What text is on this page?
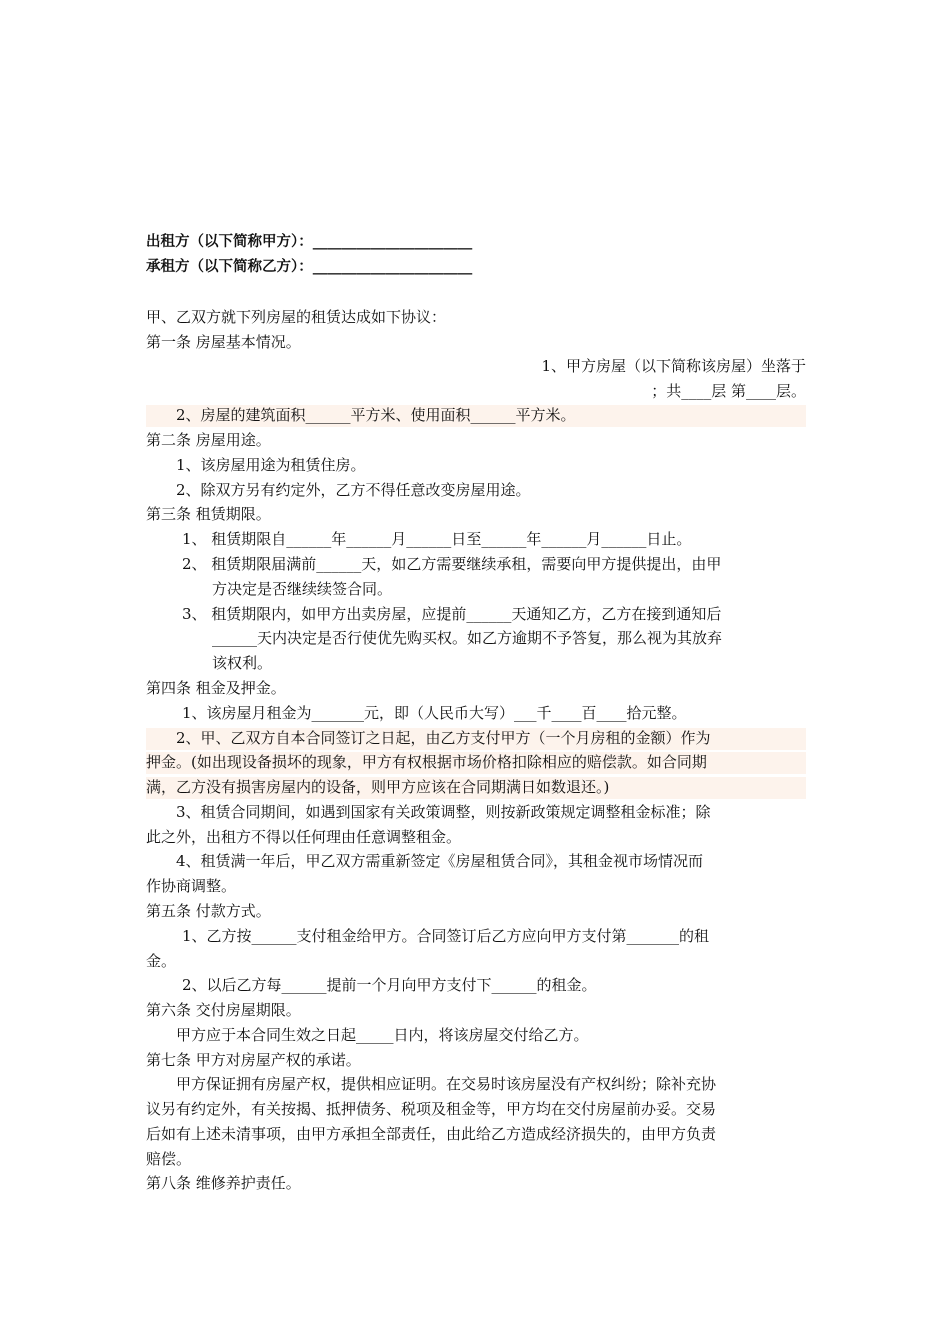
出租方（以下简称甲方）：______________________
承租方（以下简称乙方）：______________________
甲、乙双方就下列房屋的租赁达成如下协议：
第一条 房屋基本情况。
1、甲方房屋（以下简称该房屋）坐落于
；共____层 第____层。
2、房屋的建筑面积______平方米、使用面积______平方米。
第二条 房屋用途。
1、该房屋用途为租赁住房。
2、除双方另有约定外，乙方不得任意改变房屋用途。
第三条 租赁期限。
1、 租赁期限自______年______月______日至______年______月______日止。
2、 租赁期限届满前______天，如乙方需要继续承租，需要向甲方提供提出，由甲
方决定是否继续续签合同。
3、 租赁期限内，如甲方出卖房屋，应提前______天通知乙方，乙方在接到通知后
______天内决定是否行使优先购买权。如乙方逾期不予答复，那么视为其放弃
该权利。
第四条 租金及押金。
1、该房屋月租金为_______元，即（人民币大写）___千____百____拾元整。
2、甲、乙双方自本合同签订之日起，由乙方支付甲方（一个月房租的金额）作为
押金。(如出现设备损坏的现象，甲方有权根据市场价格扣除相应的赔偿款。如合同期
满，乙方没有损害房屋内的设备，则甲方应该在合同期满日如数退还。)
3、租赁合同期间，如遇到国家有关政策调整，则按新政策规定调整租金标准；除
此之外，出租方不得以任何理由任意调整租金。
4、租赁满一年后，甲乙双方需重新签定《房屋租赁合同》，其租金视市场情况而
作协商调整。
第五条 付款方式。
1、乙方按______支付租金给甲方。合同签订后乙方应向甲方支付第_______的租
金。
2、以后乙方每______提前一个月向甲方支付下______的租金。
第六条 交付房屋期限。
甲方应于本合同生效之日起_____日内，将该房屋交付给乙方。
第七条 甲方对房屋产权的承诺。
甲方保证拥有房屋产权，提供相应证明。在交易时该房屋没有产权纠纷；除补充协
议另有约定外，有关按揭、抵押债务、税项及租金等，甲方均在交付房屋前办妥。交易
后如有上述未清事项，由甲方承担全部责任，由此给乙方造成经济损失的，由甲方负责
赔偿。
第八条 维修养护责任。
